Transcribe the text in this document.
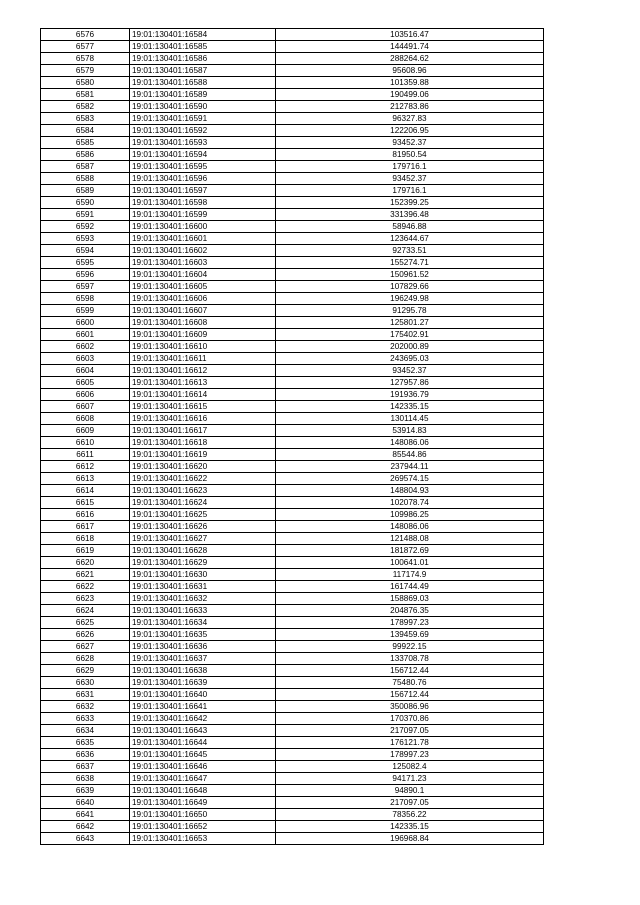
6576	19:01:130401:16584	103516.47
6577	19:01:130401:16585	144491.74
6578	19:01:130401:16586	288264.62
6579	19:01:130401:16587	95608.96
6580	19:01:130401:16588	101359.88
6581	19:01:130401:16589	190499.06
6582	19:01:130401:16590	212783.86
6583	19:01:130401:16591	96327.83
6584	19:01:130401:16592	122206.95
6585	19:01:130401:16593	93452.37
6586	19:01:130401:16594	81950.54
6587	19:01:130401:16595	179716.1
6588	19:01:130401:16596	93452.37
6589	19:01:130401:16597	179716.1
6590	19:01:130401:16598	152399.25
6591	19:01:130401:16599	331396.48
6592	19:01:130401:16600	58946.88
6593	19:01:130401:16601	123644.67
6594	19:01:130401:16602	92733.51
6595	19:01:130401:16603	155274.71
6596	19:01:130401:16604	150961.52
6597	19:01:130401:16605	107829.66
6598	19:01:130401:16606	196249.98
6599	19:01:130401:16607	91295.78
6600	19:01:130401:16608	125801.27
6601	19:01:130401:16609	175402.91
6602	19:01:130401:16610	202000.89
6603	19:01:130401:16611	243695.03
6604	19:01:130401:16612	93452.37
6605	19:01:130401:16613	127957.86
6606	19:01:130401:16614	191936.79
6607	19:01:130401:16615	142335.15
6608	19:01:130401:16616	130114.45
6609	19:01:130401:16617	53914.83
6610	19:01:130401:16618	148086.06
6611	19:01:130401:16619	85544.86
6612	19:01:130401:16620	237944.11
6613	19:01:130401:16622	269574.15
6614	19:01:130401:16623	148804.93
6615	19:01:130401:16624	102078.74
6616	19:01:130401:16625	109986.25
6617	19:01:130401:16626	148086.06
6618	19:01:130401:16627	121488.08
6619	19:01:130401:16628	181872.69
6620	19:01:130401:16629	100641.01
6621	19:01:130401:16630	117174.9
6622	19:01:130401:16631	161744.49
6623	19:01:130401:16632	158869.03
6624	19:01:130401:16633	204876.35
6625	19:01:130401:16634	178997.23
6626	19:01:130401:16635	139459.69
6627	19:01:130401:16636	99922.15
6628	19:01:130401:16637	133708.78
6629	19:01:130401:16638	156712.44
6630	19:01:130401:16639	75480.76
6631	19:01:130401:16640	156712.44
6632	19:01:130401:16641	350086.96
6633	19:01:130401:16642	170370.86
6634	19:01:130401:16643	217097.05
6635	19:01:130401:16644	176121.78
6636	19:01:130401:16645	178997.23
6637	19:01:130401:16646	125082.4
6638	19:01:130401:16647	94171.23
6639	19:01:130401:16648	94890.1
6640	19:01:130401:16649	217097.05
6641	19:01:130401:16650	78356.22
6642	19:01:130401:16652	142335.15
6643	19:01:130401:16653	196968.84
